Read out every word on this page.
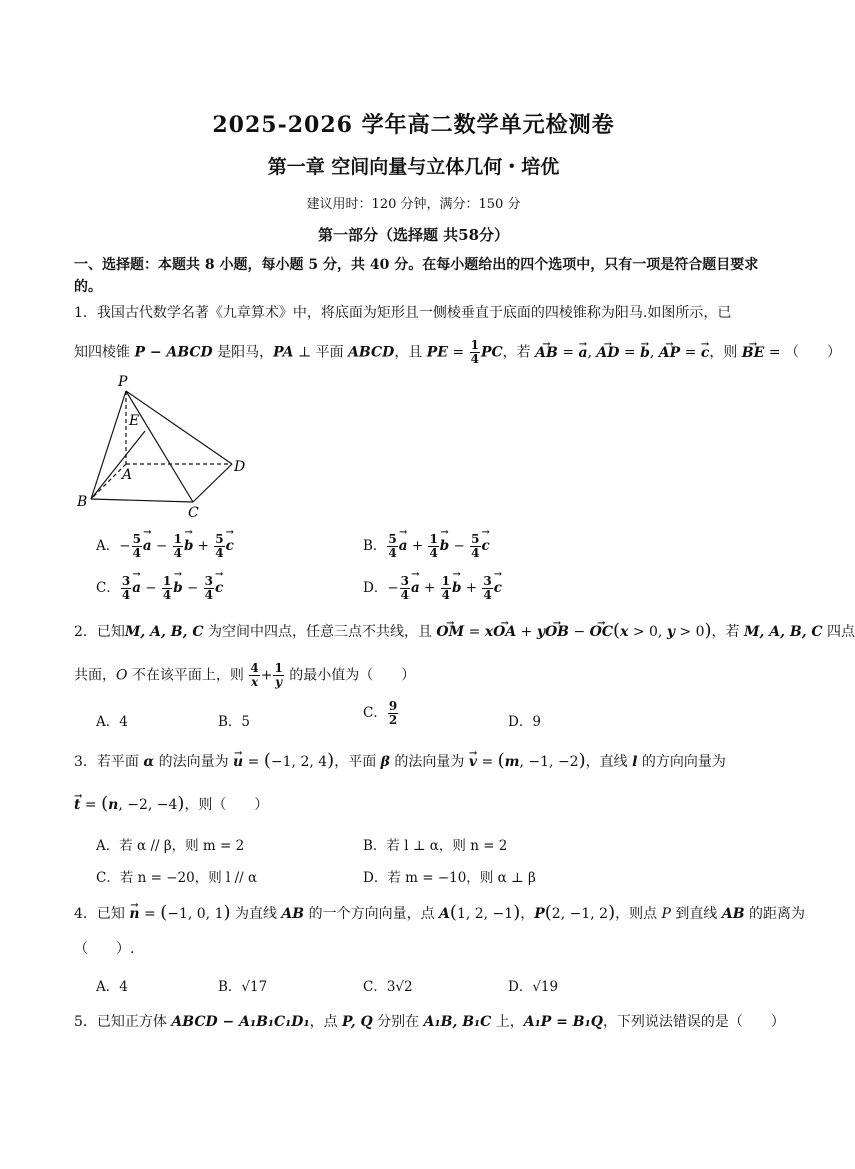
2025-2026 学年高二数学单元检测卷
第一章 空间向量与立体几何・培优
建议用时：120 分钟，满分：150 分
第一部分（选择题 共58分）
一、选择题：本题共 8 小题，每小题 5 分，共 40 分。在每小题给出的四个选项中，只有一项是符合题目要求的。
1．我国古代数学名著《九章算术》中，将底面为矩形且一侧棱垂直于底面的四棱锥称为阳马.如图所示，已
知四棱锥 P − ABCD 是阳马，PA ⊥ 平面 ABCD，且 PE = $\frac{1}{4}$ PC，若 → AB = → a, → AD = → b, → AP = → c，则 → BE = （　　）
P
E
A
B
C
D
A．− $\frac{5}{4}$
→ $a - \frac{1}{4}$
→ $b + \frac{5}{4}$
→ c	B． $\frac{5}{4}$
→ $a + \frac{1}{4}$
→ $b - \frac{5}{4}$
→ c
C． $\frac{3}{4}$
→ $a - \frac{1}{4}$
→ $b - \frac{3}{4}$
→ c	D．− $\frac{3}{4}$
→ $a + \frac{1}{4}$
→ $b + \frac{3}{4}$
→ c
2．已知M, A, B, C 为空间中四点，任意三点不共线，且 → OM = x→ OA + y→ OB − → OC(x > 0, y > 0)，若 M, A, B, C 四点
共面，O 不在该平面上，则 $\frac{4}{x} + \frac{1}{y}$ 的最小值为（　　）
A．4	B．5
C． $\frac{9}{2}$	D．9
3．若平面 α 的法向量为 → u = (−1, 2, 4)，平面 β 的法向量为 → v = (m, −1, −2)，直线 l 的方向向量为
→ t = (n, −2, −4)，则（　　）
A．若 α // β，则 m = 2	B．若 l ⊥ α，则 n = 2
C．若 n = −20，则 l // α	D．若 m = −10，则 α ⊥ β
4．已知 → n = (−1, 0, 1) 为直线 AB 的一个方向向量，点 A(1, 2, −1)，P(2, −1, 2)，则点 P 到直线 AB 的距离为
（　　）.
A．4	B．√17	C．3√2	D．√19
5．已知正方体 ABCD − A₁B₁C₁D₁，点 P, Q 分别在 A₁B, B₁C 上，A₁P = B₁Q，下列说法错误的是（　　）
